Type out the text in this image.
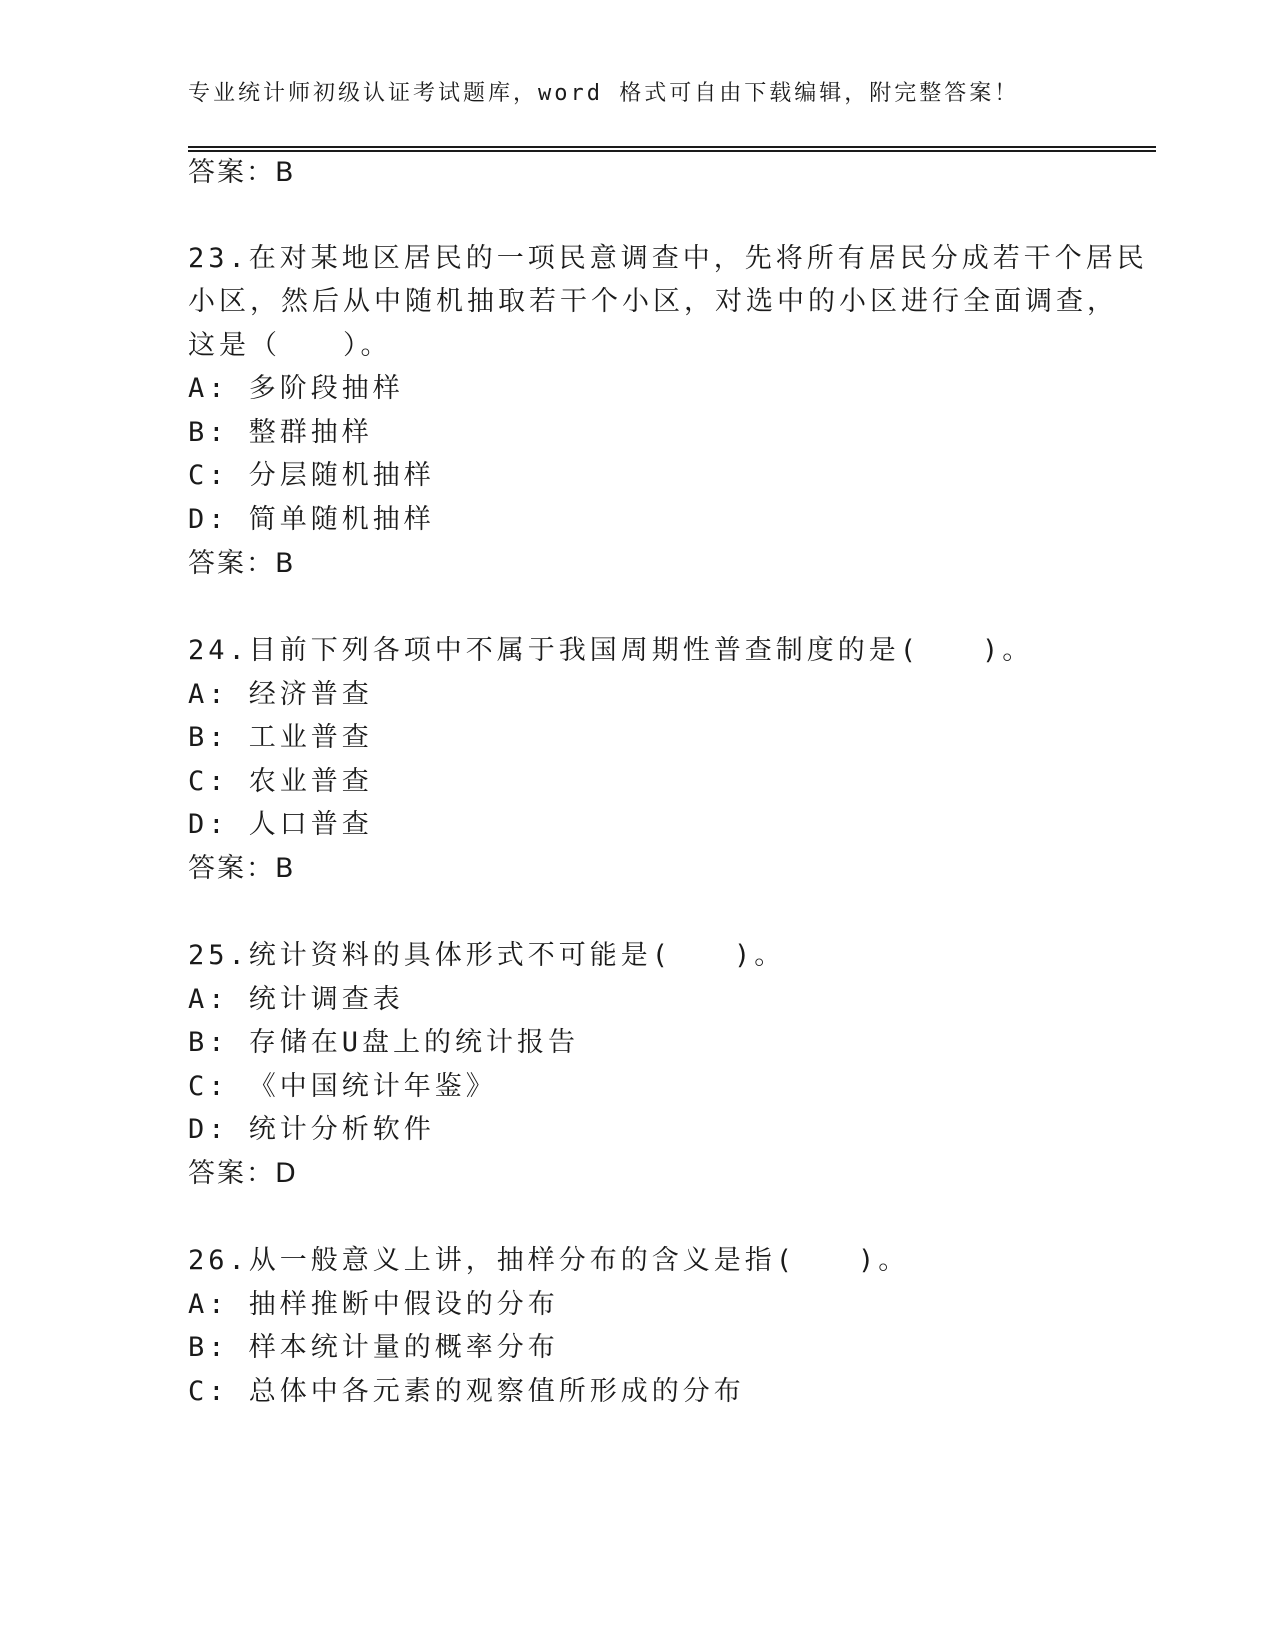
专业统计师初级认证考试题库，word 格式可自由下载编辑，附完整答案！
答案：B
23.在对某地区居民的一项民意调查中，先将所有居民分成若干个居民
小区，然后从中随机抽取若干个小区，对选中的小区进行全面调查，
这是（　　）。
A: 多阶段抽样
B: 整群抽样
C: 分层随机抽样
D: 简单随机抽样
答案：B
24.目前下列各项中不属于我国周期性普查制度的是(　　)。
A: 经济普查
B: 工业普查
C: 农业普查
D: 人口普查
答案：B
25.统计资料的具体形式不可能是(　　)。
A: 统计调查表
B: 存储在U盘上的统计报告
C: 《中国统计年鉴》
D: 统计分析软件
答案：D
26.从一般意义上讲，抽样分布的含义是指(　　)。
A: 抽样推断中假设的分布
B: 样本统计量的概率分布
C: 总体中各元素的观察值所形成的分布
